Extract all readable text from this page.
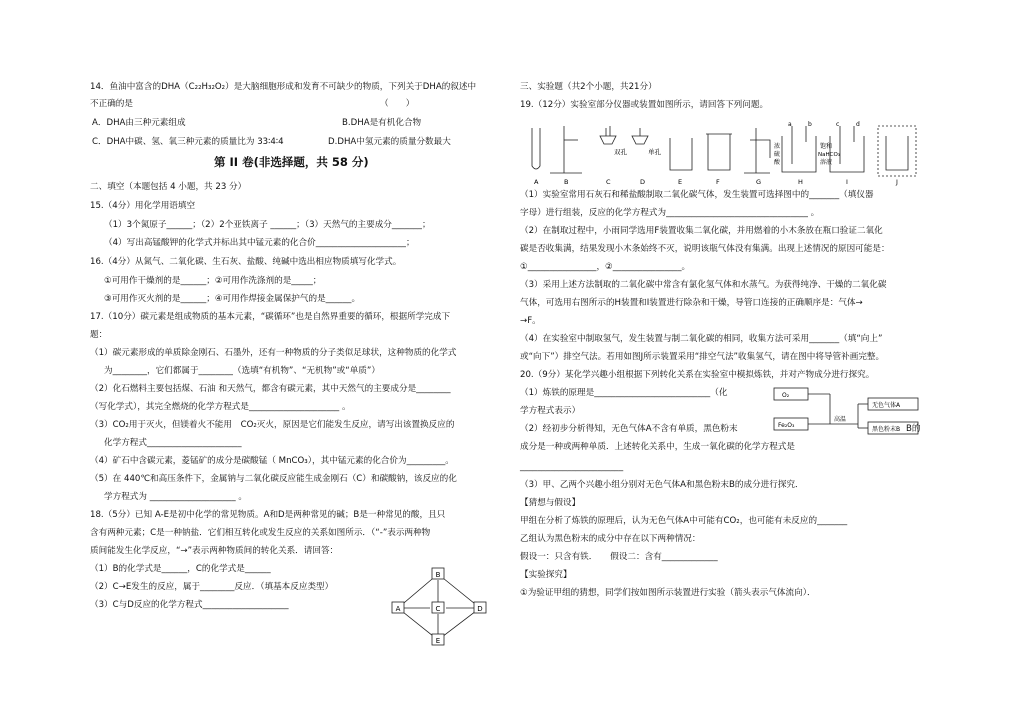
14．鱼油中富含的DHA（C₂₂H₃₂O₂）是大脑细胞形成和发育不可缺少的物质，下列关于DHA的叙述中
不正确的是	（　　）
A．DHA由三种元素组成	B.DHA是有机化合物
C．DHA中碳、氢、氧三种元素的质量比为 33∶4∶4	D.DHA中氢元素的质量分数最大
第 II 卷(非选择题，共 58 分)
二、填空（本题包括 4 小题，共 23 分）
15.（4分）用化学用语填空
（1）3个氮原子______；（2）2个亚铁离子 ______；（3）天然气的主要成分_______；
（4）写出高锰酸钾的化学式并标出其中锰元素的化合价_____________________；
16.（4分）从氮气、二氧化碳、生石灰、盐酸、纯碱中选出相应物质填写化学式。
①可用作干燥剂的是______；②可用作洗涤剂的是_____；
③可用作灭火剂的是______；④可用作焊接金属保护气的是______。
17.（10分）碳元素是组成物质的基本元素，“碳循环”也是自然界重要的循环，根据所学完成下
题：
（1）碳元素形成的单质除金刚石、石墨外，还有一种物质的分子类似足球状，这种物质的化学式
为________，它们都属于________（选填“有机物”、“无机物”或“单质”）
（2）化石燃料主要包括煤、石油 和天然气，都含有碳元素，其中天然气的主要成分是________
（写化学式），其完全燃烧的化学方程式是_____________________ 。
（3）CO₂用于灭火，但镁着火不能用　CO₂灭火，原因是它们能发生反应，请写出该置换反应的
化学方程式______________________
（4）矿石中含碳元素，菱锰矿的成分是碳酸锰（ MnCO₃），其中锰元素的化合价为_________。
（5）在 440℃和高压条件下，金属钠与二氧化碳反应能生成金刚石（C）和碳酸钠，该反应的化
学方程式为 ____________________ 。
18.（5分）已知 A-E是初中化学的常见物质。A和D是两种常见的碱；B是一种常见的酸，且只
含有两种元素；C是一种钠盐．它们相互转化或发生反应的关系如图所示．（“-”表示两种物
质间能发生化学反应，“→”表示两种物质间的转化关系．请回答：
（1）B的化学式是______，C的化学式是______
（2）C→E发生的反应，属于________反应．（填基本反应类型）
（3）C与D反应的化学方程式____________________
B
A	C	D
E
三、实验题（共2个小题，共21分）
19.（12分）实验室部分仪器或装置如图所示，请回答下列问题。
双孔	单孔
浓
硫
酸
饱和
NaHCO₃
溶液
a	b	c	d
A	B	C	D	E	F	G	H	I	J
（1）实验室常用石灰石和稀盐酸制取二氧化碳气体，发生装置可选择图中的_______（填仪器
字母）进行组装，反应的化学方程式为_________________________________ 。
（2）在制取过程中，小雨同学选用F装置收集二氧化碳，并用燃着的小木条放在瓶口验证二氧化
碳是否收集满，结果发现小木条始终不灭，说明该瓶气体没有集满。出现上述情况的原因可能是：
①________________，②________________。
（3）采用上述方法制取的二氧化碳中常含有氯化氢气体和水蒸气。为获得纯净、干燥的二氧化碳
气体，可选用右图所示的H装置和I装置进行除杂和干燥，导管口连接的正确顺序是：气体→
→F。
（4）在实验室中制取氢气，发生装置与制二氧化碳的相同，收集方法可采用_______（填“向上”
或“向下”）排空气法。若用如图J所示装置采用“排空气法”收集氢气，请在图中将导管补画完整。
20.（9分）某化学兴趣小组根据下列转化关系在实验室中模拟炼铁，并对产物成分进行探究。
（1）炼铁的原理是___________________________（化
学方程式表示）
（2）经初步分析得知，无色气体A不含有单质，黑色粉末	B的
成分是一种或两种单质．上述转化关系中，生成一氧化碳的化学方程式是
________________________
（3）甲、乙两个兴趣小组分别对无色气体A和黑色粉末B的成分进行探究．
【猜想与假设】
甲组在分析了炼铁的原理后，认为无色气体A中可能有CO₂，也可能有未反应的_______
乙组认为黑色粉末的成分中存在以下两种情况：
假设一：只含有铁．　　假设二：含有_____________
【实验探究】
①为验证甲组的猜想，同学们按如图所示装置进行实验（箭头表示气体流向）．
O₂
Fe₂O₃
高温
无色气体A
黑色粉末B
